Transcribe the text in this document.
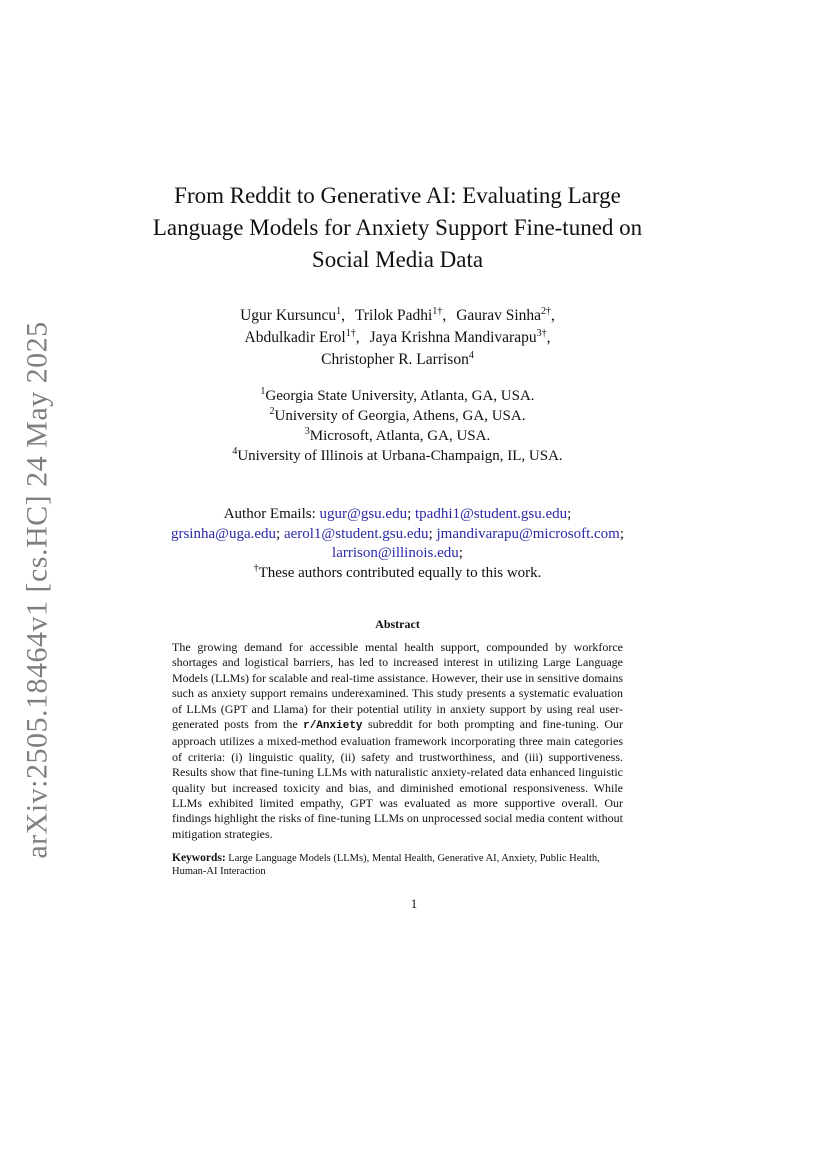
arXiv:2505.18464v1 [cs.HC] 24 May 2025
From Reddit to Generative AI: Evaluating Large Language Models for Anxiety Support Fine-tuned on Social Media Data
Ugur Kursuncu$^1$, Trilok Padhi$^{1\dagger}$, Gaurav Sinha$^{2\dagger}$,
Abdulkadir Erol$^{1\dagger}$, Jaya Krishna Mandivarapu$^{3\dagger}$,
Christopher R. Larrison$^4$
$^1$Georgia State University, Atlanta, GA, USA.
$^2$University of Georgia, Athens, GA, USA.
$^3$Microsoft, Atlanta, GA, USA.
$^4$University of Illinois at Urbana-Champaign, IL, USA.
Author Emails: ugur@gsu.edu; tpadhi1@student.gsu.edu;
grsinha@uga.edu; aerol1@student.gsu.edu; jmandivarapu@microsoft.com;
larrison@illinois.edu;
†These authors contributed equally to this work.
Abstract
The growing demand for accessible mental health support, compounded by workforce shortages and logistical barriers, has led to increased interest in utilizing Large Language Models (LLMs) for scalable and real-time assistance. However, their use in sensitive domains such as anxiety support remains underexamined. This study presents a systematic evaluation of LLMs (GPT and Llama) for their potential utility in anxiety support by using real user-generated posts from the r/Anxiety subreddit for both prompting and fine-tuning. Our approach utilizes a mixed-method evaluation framework incorporating three main categories of criteria: (i) linguistic quality, (ii) safety and trustworthiness, and (iii) supportiveness. Results show that fine-tuning LLMs with naturalistic anxiety-related data enhanced linguistic quality but increased toxicity and bias, and diminished emotional responsiveness. While LLMs exhibited limited empathy, GPT was evaluated as more supportive overall. Our findings highlight the risks of fine-tuning LLMs on unprocessed social media content without mitigation strategies.
Keywords: Large Language Models (LLMs), Mental Health, Generative AI, Anxiety, Public Health, Human-AI Interaction
1
